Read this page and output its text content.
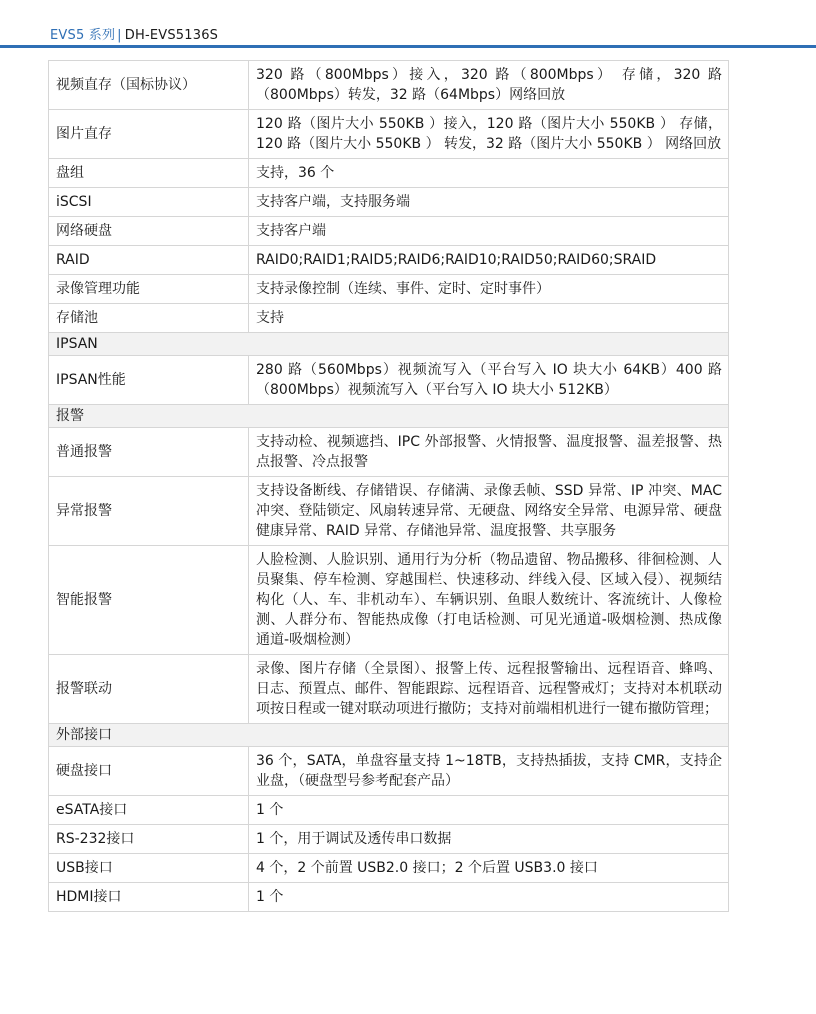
EVS5 系列 | DH-EVS5136S
视频直存（国标协议）	320 路（800Mbps）接入，320 路（800Mbps） 存储，320 路（800Mbps）转发，32 路（64Mbps）网络回放
图片直存	120 路（图片大小 550KB ）接入，120 路（图片大小 550KB ） 存储，120 路（图片大小 550KB ） 转发，32 路（图片大小 550KB ） 网络回放
盘组	支持，36 个
iSCSI	支持客户端，支持服务端
网络硬盘	支持客户端
RAID	RAID0;RAID1;RAID5;RAID6;RAID10;RAID50;RAID60;SRAID
录像管理功能	支持录像控制（连续、事件、定时、定时事件）
存储池	支持
IPSAN	
IPSAN性能	280 路（560Mbps）视频流写入（平台写入 IO 块大小 64KB）400 路（800Mbps）视频流写入（平台写入 IO 块大小 512KB）
报警	
普通报警	支持动检、视频遮挡、IPC 外部报警、火情报警、温度报警、温差报警、热点报警、冷点报警
异常报警	支持设备断线、存储错误、存储满、录像丢帧、SSD 异常、IP 冲突、MAC 冲突、登陆锁定、风扇转速异常、无硬盘、网络安全异常、电源异常、硬盘健康异常、RAID 异常、存储池异常、温度报警、共享服务
智能报警	人脸检测、人脸识别、通用行为分析（物品遗留、物品搬移、徘徊检测、人员聚集、停车检测、穿越围栏、快速移动、绊线入侵、区域入侵）、视频结构化（人、车、非机动车）、车辆识别、鱼眼人数统计、客流统计、人像检测、人群分布、智能热成像（打电话检测、可见光通道-吸烟检测、热成像通道-吸烟检测）
报警联动	录像、图片存储（全景图）、报警上传、远程报警输出、远程语音、蜂鸣、日志、预置点、邮件、智能跟踪、远程语音、远程警戒灯；支持对本机联动项按日程或一键对联动项进行撤防；支持对前端相机进行一键布撤防管理；
外部接口	
硬盘接口	36 个，SATA，单盘容量支持 1~18TB，支持热插拔，支持 CMR，支持企业盘，（硬盘型号参考配套产品）
eSATA接口	1 个
RS-232接口	1 个，用于调试及透传串口数据
USB接口	4 个，2 个前置 USB2.0 接口；2 个后置 USB3.0 接口
HDMI接口	1 个
